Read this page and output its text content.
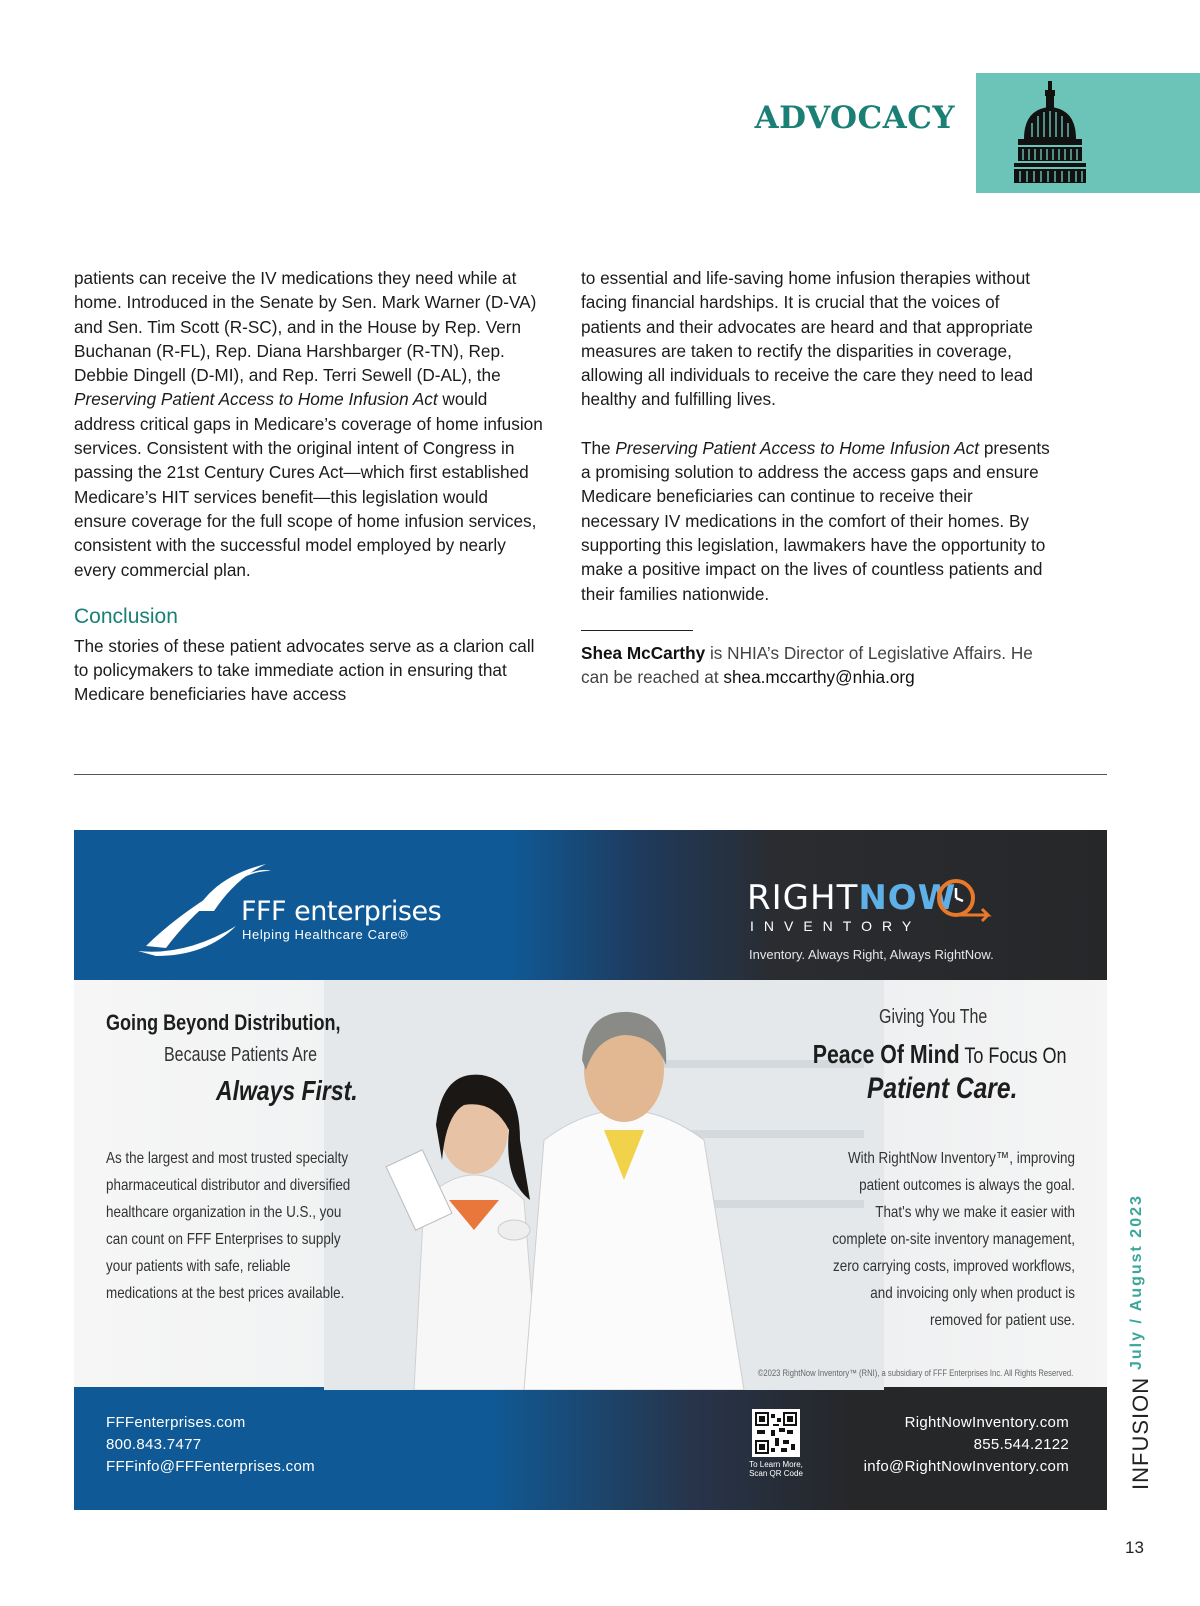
ADVOCACY

patients can receive the IV medications they need while at home. Introduced in the Senate by Sen. Mark Warner (D-VA) and Sen. Tim Scott (R-SC), and in the House by Rep. Vern Buchanan (R-FL), Rep. Diana Harshbarger (R-TN), Rep. Debbie Dingell (D-MI), and Rep. Terri Sewell (D-AL), the Preserving Patient Access to Home Infusion Act would address critical gaps in Medicare’s coverage of home infusion services. Consistent with the original intent of Congress in passing the 21st Century Cures Act—which first established Medicare’s HIT services benefit—this legislation would ensure coverage for the full scope of home infusion services, consistent with the successful model employed by nearly every commercial plan.

Conclusion

The stories of these patient advocates serve as a clarion call to policymakers to take immediate action in ensuring that Medicare beneficiaries have access

to essential and life-saving home infusion therapies without facing financial hardships. It is crucial that the voices of patients and their advocates are heard and that appropriate measures are taken to rectify the disparities in coverage, allowing all individuals to receive the care they need to lead healthy and fulfilling lives.

The Preserving Patient Access to Home Infusion Act presents a promising solution to address the access gaps and ensure Medicare beneficiaries can continue to receive their necessary IV medications in the comfort of their homes. By supporting this legislation, lawmakers have the opportunity to make a positive impact on the lives of countless patients and their families nationwide.

Shea McCarthy is NHIA’s Director of Legislative Affairs. He can be reached at shea.mccarthy@nhia.org

FFF enterprises
Helping Healthcare Care®
RIGHTNOW
INVENTORY
Inventory. Always Right, Always RightNow.
Going Beyond Distribution,
Because Patients Are
Always First.
As the largest and most trusted specialty pharmaceutical distributor and diversified healthcare organization in the U.S., you can count on FFF Enterprises to supply your patients with safe, reliable medications at the best prices available.
Giving You The
Peace Of Mind To Focus On
Patient Care.
With RightNow Inventory™, improving patient outcomes is always the goal. That's why we make it easier with complete on-site inventory management, zero carrying costs, improved workflows, and invoicing only when product is removed for patient use.
©2023 RightNow Inventory™ (RNI), a subsidiary of FFF Enterprises Inc. All Rights Reserved.
FFFenterprises.com
800.843.7477
FFFinfo@FFFenterprises.com	To Learn More, Scan QR Code
RightNowInventory.com
855.544.2122
info@RightNowInventory.com
July / August 2023
INFUSION
13
